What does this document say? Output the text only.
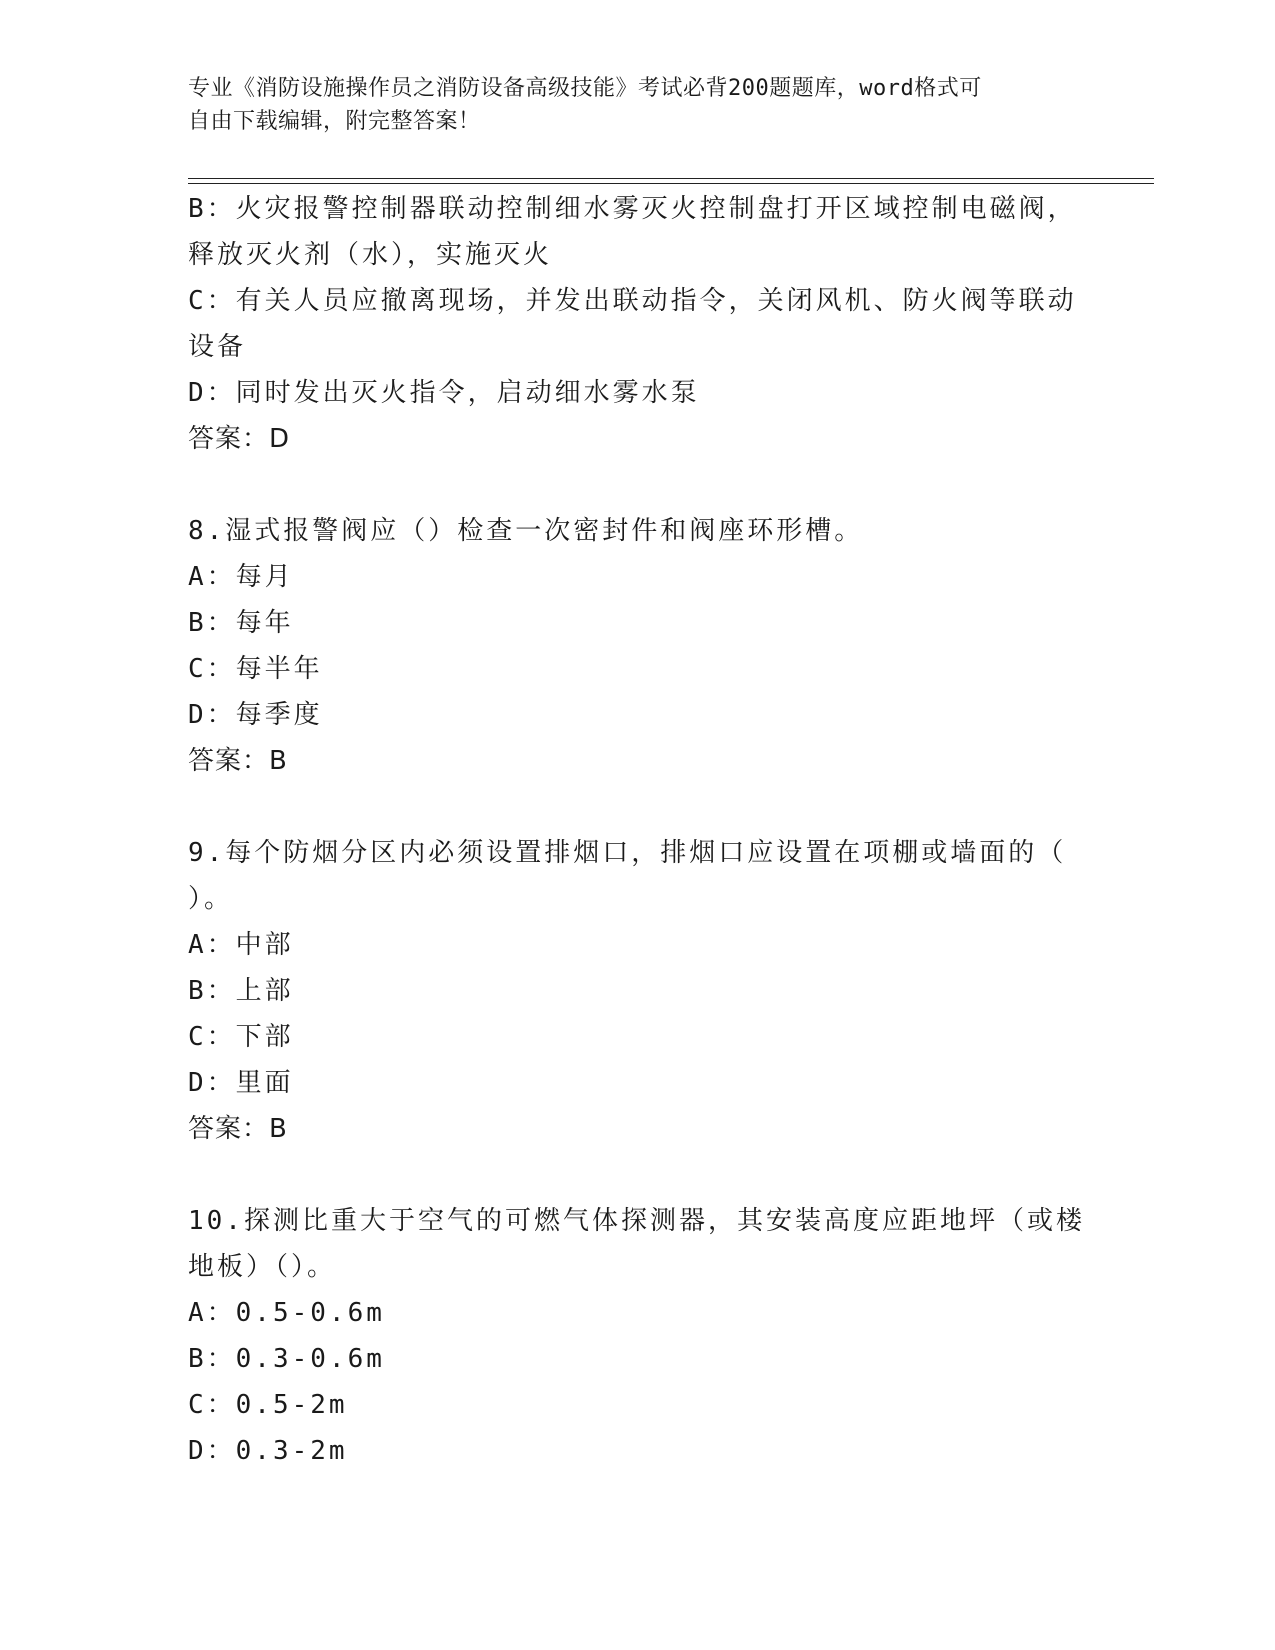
专业《消防设施操作员之消防设备高级技能》考试必背200题题库，word格式可
自由下载编辑，附完整答案！
B：火灾报警控制器联动控制细水雾灭火控制盘打开区域控制电磁阀，
释放灭火剂（水），实施灭火
C：有关人员应撤离现场，并发出联动指令，关闭风机、防火阀等联动
设备
D：同时发出灭火指令，启动细水雾水泵
答案：D
8.湿式报警阀应（）检查一次密封件和阀座环形槽。
A：每月
B：每年
C：每半年
D：每季度
答案：B
9.每个防烟分区内必须设置排烟口，排烟口应设置在项棚或墙面的（
）。
A：中部
B：上部
C：下部
D：里面
答案：B
10.探测比重大于空气的可燃气体探测器，其安装高度应距地坪（或楼
地板）（）。
A：0.5-0.6m
B：0.3-0.6m
C：0.5-2m
D：0.3-2m
